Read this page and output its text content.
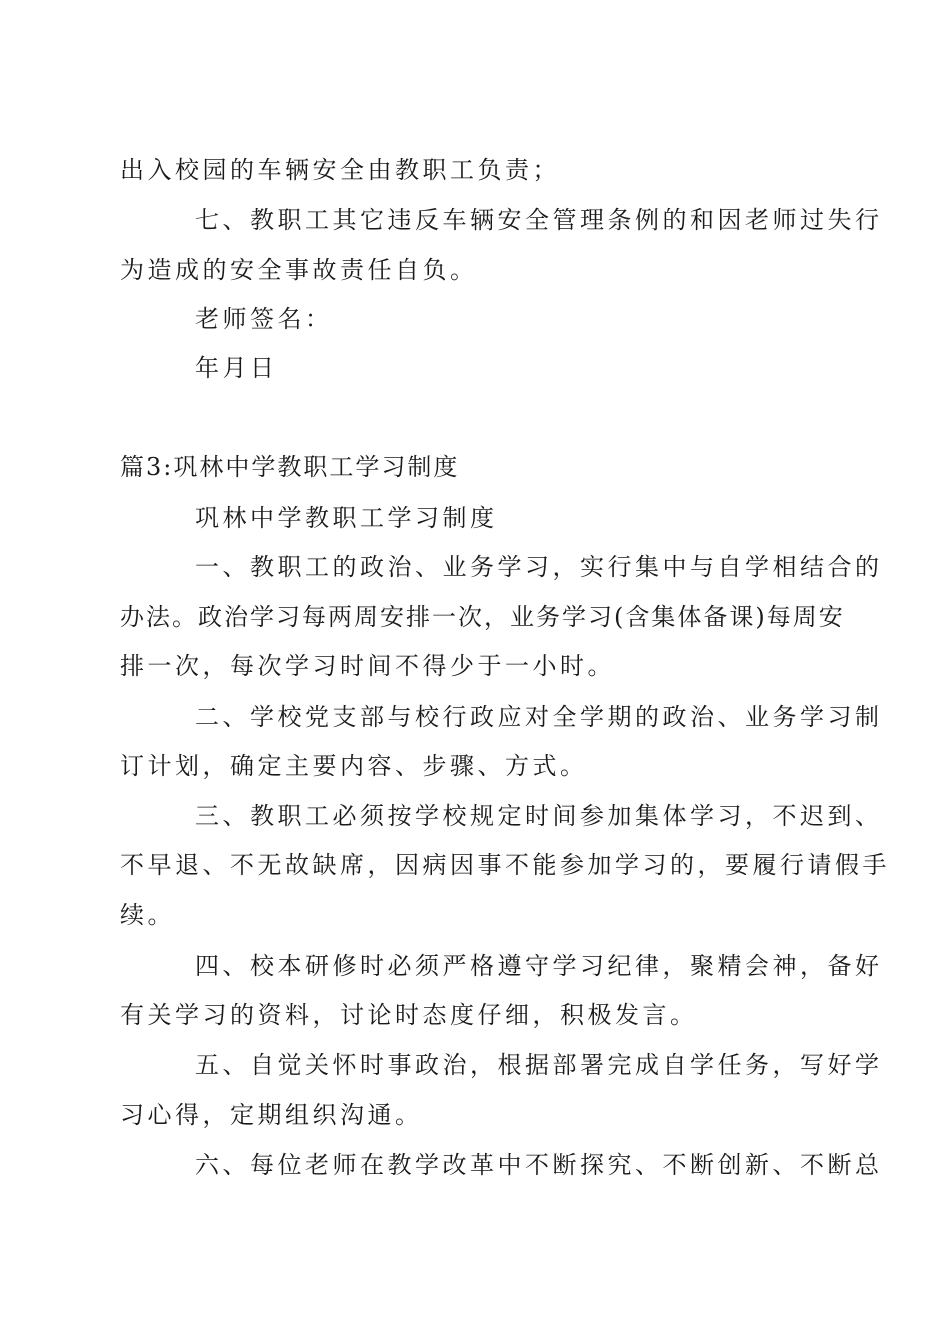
出入校园的车辆安全由教职工负责；
七、教职工其它违反车辆安全管理条例的和因老师过失行
为造成的安全事故责任自负。
老师签名：
年月日
篇3:巩林中学教职工学习制度
巩林中学教职工学习制度
一、教职工的政治、业务学习，实行集中与自学相结合的
办法。政治学习每两周安排一次，业务学习(含集体备课)每周安
排一次，每次学习时间不得少于一小时。
二、学校党支部与校行政应对全学期的政治、业务学习制
订计划，确定主要内容、步骤、方式。
三、教职工必须按学校规定时间参加集体学习，不迟到、
不早退、不无故缺席，因病因事不能参加学习的，要履行请假手
续。
四、校本研修时必须严格遵守学习纪律，聚精会神，备好
有关学习的资料，讨论时态度仔细，积极发言。
五、自觉关怀时事政治，根据部署完成自学任务，写好学
习心得，定期组织沟通。
六、每位老师在教学改革中不断探究、不断创新、不断总
